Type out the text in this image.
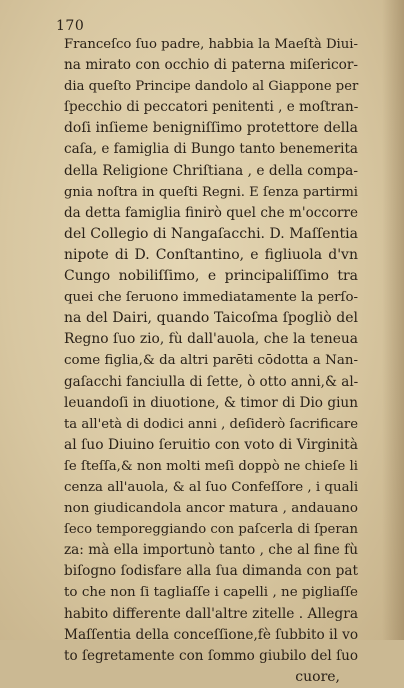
170
Franceſco ſuo padre, habbia la Maeſtà Diui-
na mirato con occhio di paterna miſericor-
dia queſto Principe dandolo al Giappone per
ſpecchio di peccatori penitenti , e moſtran-
doſi inſieme benigniſſimo protettore della
caſa, e famiglia di Bungo tanto benemerita
della Religione Chriſtiana , e della compa-
gnia noſtra in queſti Regni. E ſenza partirmi
da detta famiglia finirò quel che m'occorre
del Collegio di Nangaſacchi. D. Maſſentia
nipote di D. Conſtantino, e figliuola d'vn
Cungo nobiliſſimo, e principaliſſimo tra
quei che ſeruono immediatamente la perſo-
na del Dairi, quando Taicoſma ſpogliò del
Regno ſuo zio, fù dall'auola, che la teneua
come figlia,& da altri parēti cōdotta a Nan-
gaſacchi fanciulla di ſette, ò otto anni,& al-
leuandoſi in diuotione, & timor di Dio giun
ta all'età di dodici anni , deſiderò ſacrificare
al ſuo Diuino ſeruitio con voto di Virginità
ſe ſteſſa,& non molti meſi doppò ne chieſe li
cenza all'auola, & al ſuo Confeſſore , i quali
non giudicandola ancor matura , andauano
ſeco temporeggiando con paſcerla di ſperan
za: mà ella importunò tanto , che al fine fù
biſogno ſodisfare alla ſua dimanda con pat
to che non ſi tagliaſſe i capelli , ne pigliaſſe
habito differente dall'altre zitelle . Allegra
Maſſentia della conceſſione,fè ſubbito il vo
to ſegretamente con ſommo giubilo del ſuo
cuore,
